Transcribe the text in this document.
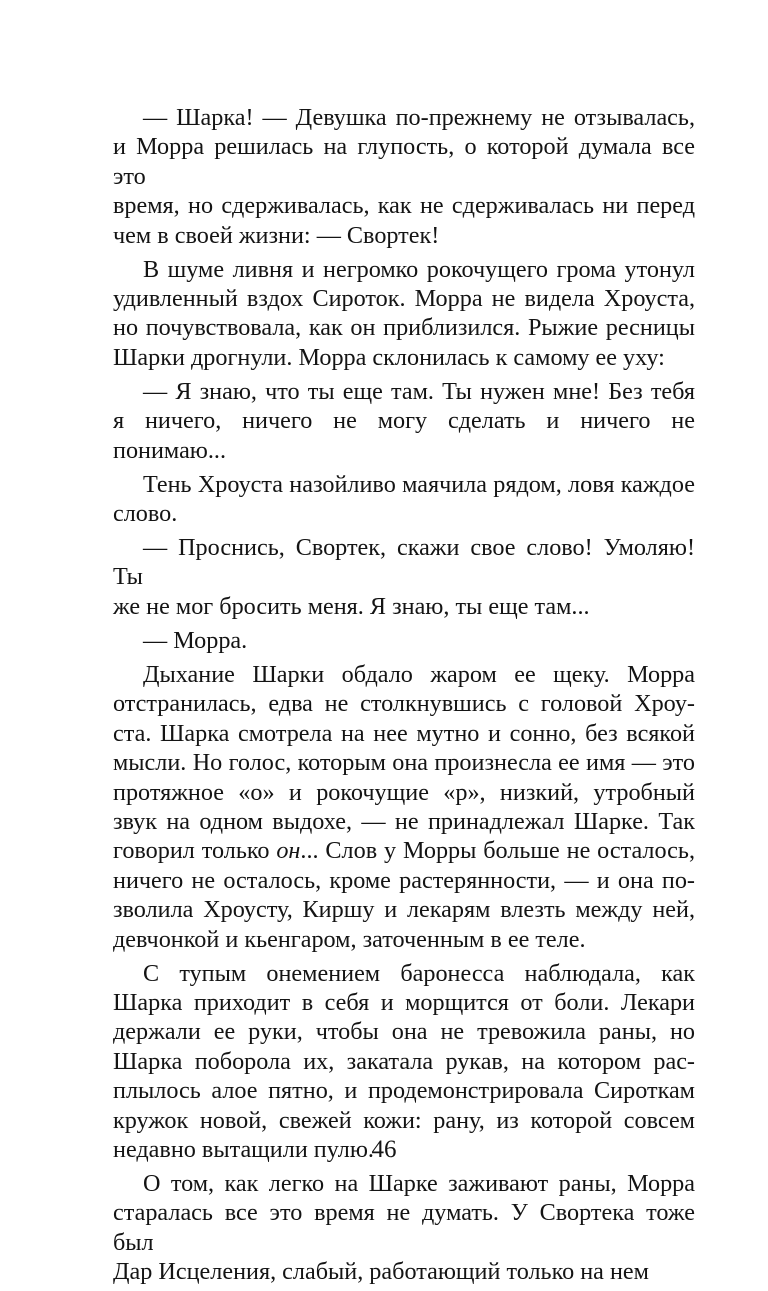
— Шарка! — Девушка по-прежнему не отзывалась,
и Морра решилась на глупость, о которой думала все это
время, но сдерживалась, как не сдерживалась ни перед
чем в своей жизни: — Свортек!
В шуме ливня и негромко рокочущего грома утонул
удивленный вздох Сироток. Морра не видела Хроуста,
но почувствовала, как он приблизился. Рыжие ресницы
Шарки дрогнули. Морра склонилась к самому ее уху:
— Я знаю, что ты еще там. Ты нужен мне! Без тебя
я ничего, ничего не могу сделать и ничего не понимаю...
Тень Хроуста назойливо маячила рядом, ловя каждое
слово.
— Проснись, Свортек, скажи свое слово! Умоляю! Ты
же не мог бросить меня. Я знаю, ты еще там...
— Морра.
Дыхание Шарки обдало жаром ее щеку. Морра
отстранилась, едва не столкнувшись с головой Хроу-
ста. Шарка смотрела на нее мутно и сонно, без всякой
мысли. Но голос, которым она произнесла ее имя — это
протяжное «о» и рокочущие «р», низкий, утробный
звук на одном выдохе, — не принадлежал Шарке. Так
говорил только он... Слов у Морры больше не осталось,
ничего не осталось, кроме растерянности, — и она по-
зволила Хроусту, Киршу и лекарям влезть между ней,
девчонкой и кьенгаром, заточенным в ее теле.
С тупым онемением баронесса наблюдала, как
Шарка приходит в себя и морщится от боли. Лекари
держали ее руки, чтобы она не тревожила раны, но
Шарка поборола их, закатала рукав, на котором рас-
плылось алое пятно, и продемонстрировала Сироткам
кружок новой, свежей кожи: рану, из которой совсем
недавно вытащили пулю.
О том, как легко на Шарке заживают раны, Морра
старалась все это время не думать. У Свортека тоже был
Дар Исцеления, слабый, работающий только на нем
46
